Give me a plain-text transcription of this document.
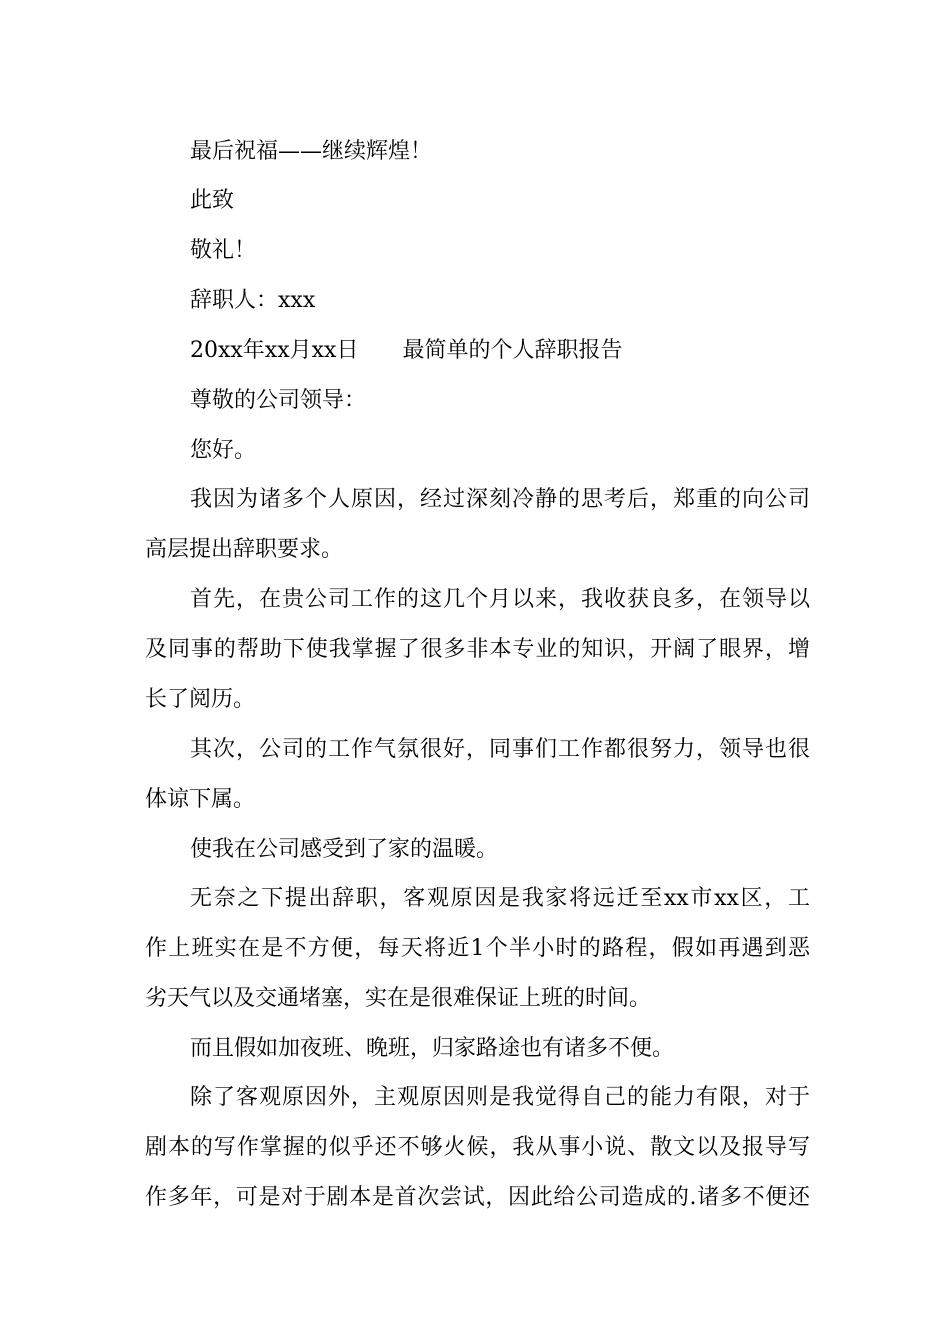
最后祝福——继续辉煌！
此致
敬礼！
辞职人：xxx
20xx年xx月xx日 最简单的个人辞职报告
尊敬的公司领导：
您好。
我因为诸多个人原因，经过深刻冷静的思考后，郑重的向公司
高层提出辞职要求。
首先，在贵公司工作的这几个月以来，我收获良多，在领导以
及同事的帮助下使我掌握了很多非本专业的知识，开阔了眼界，增
长了阅历。
其次，公司的工作气氛很好，同事们工作都很努力，领导也很
体谅下属。
使我在公司感受到了家的温暖。
无奈之下提出辞职，客观原因是我家将远迁至xx市xx区，工
作上班实在是不方便，每天将近1个半小时的路程，假如再遇到恶
劣天气以及交通堵塞，实在是很难保证上班的时间。
而且假如加夜班、晚班，归家路途也有诸多不便。
除了客观原因外，主观原因则是我觉得自己的能力有限，对于
剧本的写作掌握的似乎还不够火候，我从事小说、散文以及报导写
作多年，可是对于剧本是首次尝试，因此给公司造成的.诸多不便还
